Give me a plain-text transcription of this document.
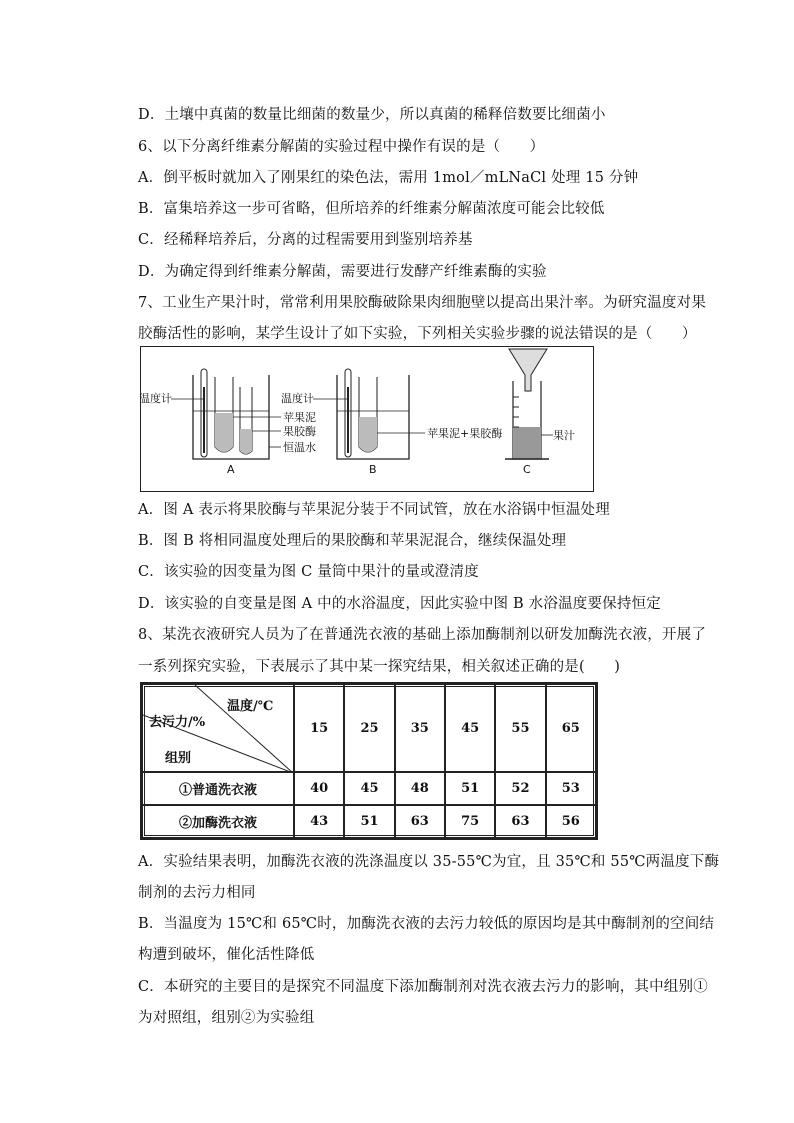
D．土壤中真菌的数量比细菌的数量少，所以真菌的稀释倍数要比细菌小
6、以下分离纤维素分解菌的实验过程中操作有误的是（　　）
A．倒平板时就加入了刚果红的染色法，需用 1mol／mLNaCl 处理 15 分钟
B．富集培养这一步可省略，但所培养的纤维素分解菌浓度可能会比较低
C．经稀释培养后，分离的过程需要用到鉴别培养基
D．为确定得到纤维素分解菌，需要进行发酵产纤维素酶的实验
7、工业生产果汁时，常常利用果胶酶破除果肉细胞壁以提高出果汁率。为研究温度对果
胶酶活性的影响，某学生设计了如下实验，下列相关实验步骤的说法错误的是（　　）
A
温度计
苹果泥
果胶酶
恒温水
B
温度计
苹果泥+果胶酶
C
果汁
A．图 A 表示将果胶酶与苹果泥分装于不同试管，放在水浴锅中恒温处理
B．图 B 将相同温度处理后的果胶酶和苹果泥混合，继续保温处理
C．该实验的因变量为图 C 量筒中果汁的量或澄清度
D．该实验的自变量是图 A 中的水浴温度，因此实验中图 B 水浴温度要保持恒定
8、某洗衣液研究人员为了在普通洗衣液的基础上添加酶制剂以研发加酶洗衣液，开展了
一系列探究实验，下表展示了其中某一探究结果，相关叙述正确的是(　　)
温度/℃
去污力/%
组别	15	25	35	45	55	65
①普通洗衣液	40	45	48	51	52	53
②加酶洗衣液	43	51	63	75	63	56
A．实验结果表明，加酶洗衣液的洗涤温度以 35-55℃为宜，且 35℃和 55℃两温度下酶
制剂的去污力相同
B．当温度为 15℃和 65℃时，加酶洗衣液的去污力较低的原因均是其中酶制剂的空间结
构遭到破坏，催化活性降低
C．本研究的主要目的是探究不同温度下添加酶制剂对洗衣液去污力的影响，其中组别①
为对照组，组别②为实验组
